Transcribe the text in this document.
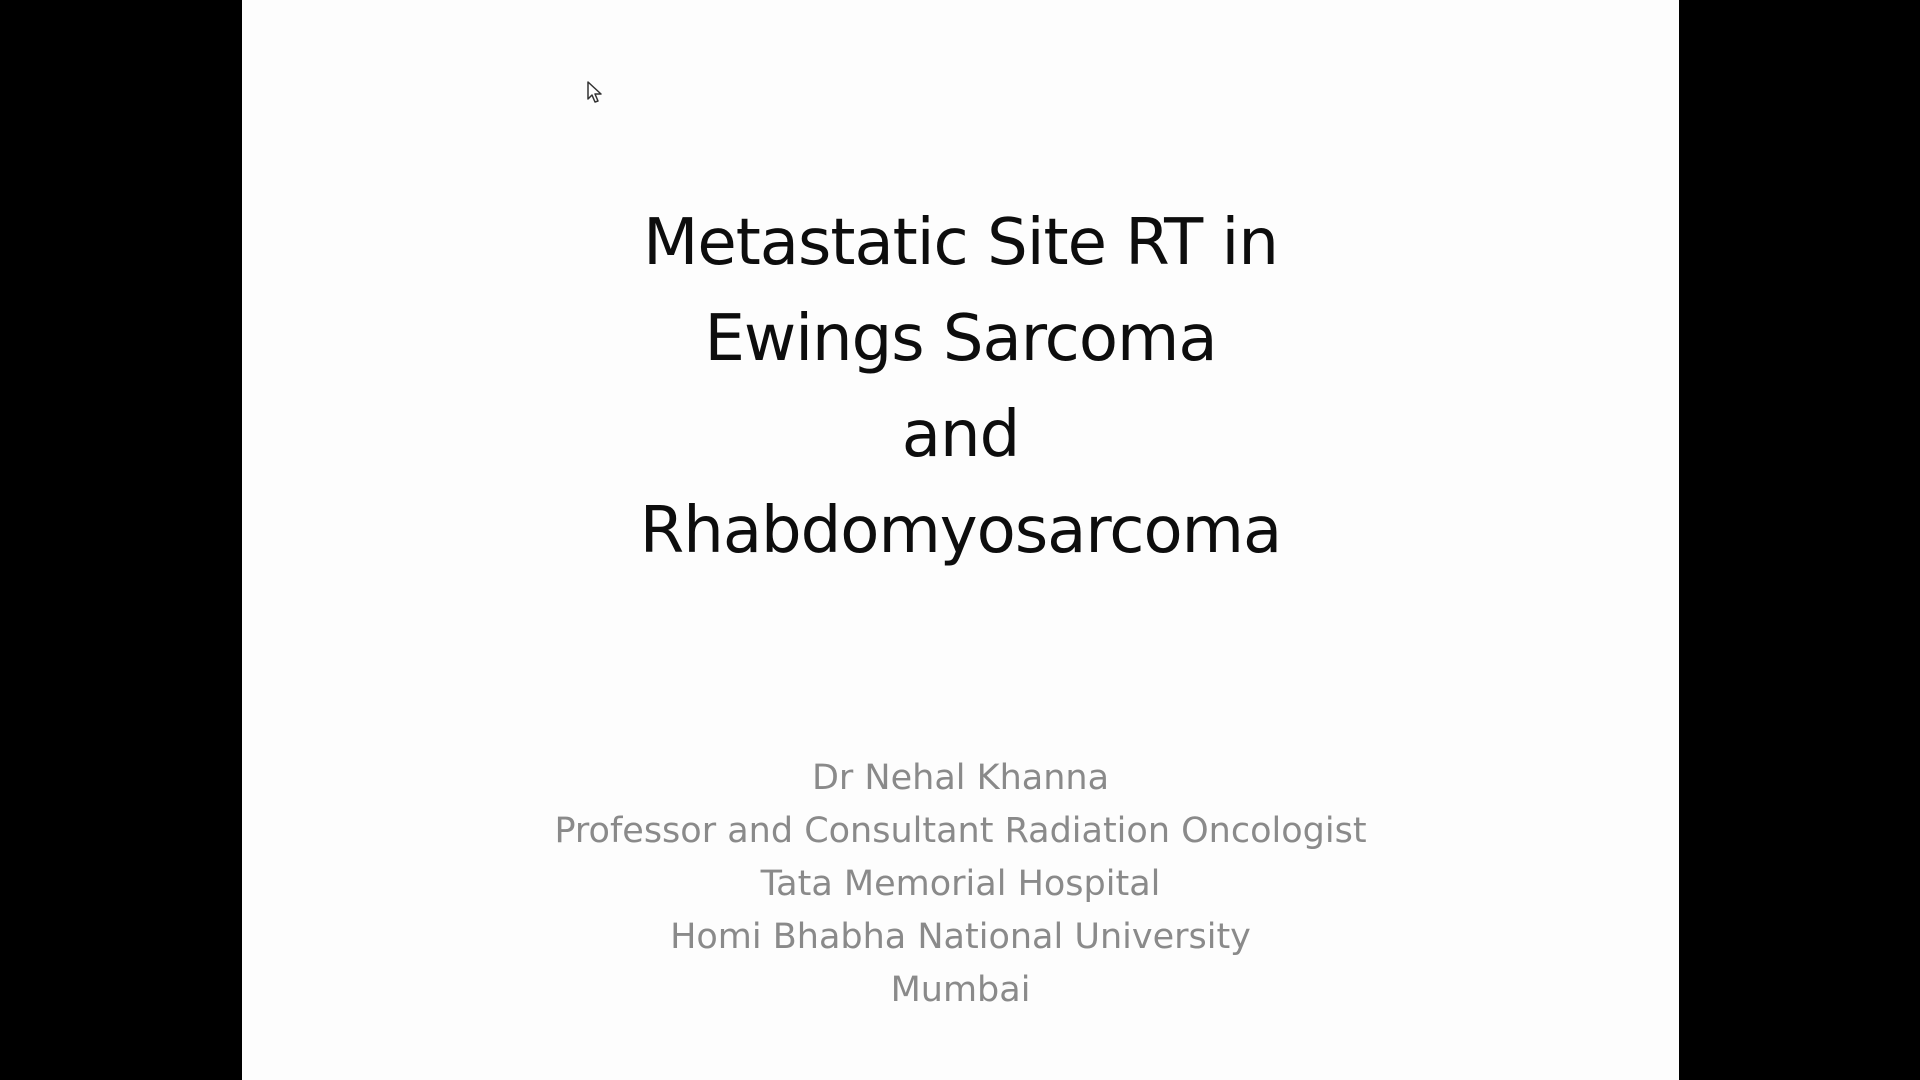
Metastatic Site RT in
Ewings Sarcoma
and
Rhabdomyosarcoma
Dr Nehal Khanna
Professor and Consultant Radiation Oncologist
Tata Memorial Hospital
Homi Bhabha National University
Mumbai
